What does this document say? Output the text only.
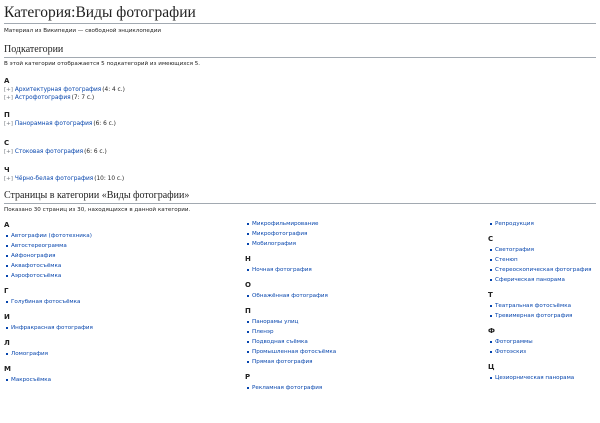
Категория:Виды фотографии
Материал из Википедии — свободной энциклопедии
Подкатегории
В этой категории отображается 5 подкатегорий из имеющихся 5.
А
[+] Архитектурная фотография (4: 4 с.)
[+] Астрофотография (7: 7 с.)
П
[+] Панорамная фотография (6: 6 с.)
С
[+] Стоковая фотография (6: 6 с.)
Ч
[+] Чёрно-белая фотография (10: 10 с.)
Страницы в категории «Виды фотографии»
Показано 30 страниц из 30, находящихся в данной категории.
А
Автографии (фототехника)
Автостереограмма
Айфонография
Аквафотосъёмка
Аэрофотосъёмка
Г
Голубиная фотосъёмка
И
Инфракрасная фотография
Л
Ломография
М
Макросъёмка
Микрофильмирование
Микрофотография
Мобилография
Н
Ночная фотография
О
Обнажённая фотография
П
Панорамы улиц
Пленэр
Подводная съёмка
Промышленная фотосъёмка
Прямая фотография
Р
Рекламная фотография
Репродукция
С
Светография
Стенюп
Стереоскопическая фотография
Сферическая панорама
Т
Театральная фотосъёмка
Тревимерная фотография
Ф
Фотограммы
Фотоэскиз
Ц
Цезиорническая панорама
